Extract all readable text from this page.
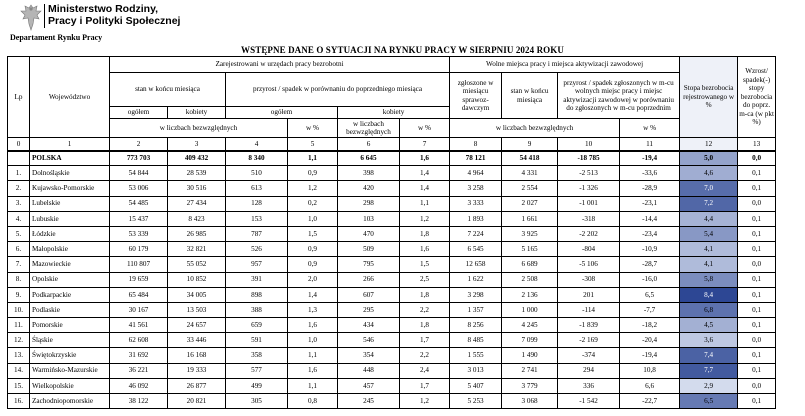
Ministerstwo Rodziny,
Pracy i Polityki Społecznej
Departament Rynku Pracy
WSTĘPNE DANE O SYTUACJI NA RYNKU PRACY W SIERPNIU 2024 ROKU
Lp	Województwo	Zarejestrowani w urzędach pracy bezrobotni						Wolne miejsca pracy i miejsca aktywizacji zawodowej				Stopa bezrobocia rejestrowanego w %	Wzrost/ spadek(-) stopy bezrobocia do poprz. m-ca (w pkt %)
		stan w końcu miesiąca		przyrost / spadek w porównaniu do poprzedniego miesiąca				zgłoszone w miesiącu sprawoz-dawczym	stan w końcu miesiąca	przyrost / spadek zgłoszonych w m-cu wolnych miejsc pracy i miejsc aktywizacji zawodowej w porównaniu do zgłoszonych w m-cu poprzednim			
		ogółem	kobiety	ogółem		kobiety							
		w liczbach bezwzględnych			w %	w liczbach bezwzględnych	w %	w liczbach bezwzględnych			w %		
0	1	2	3	4	5	6	7	8	9	10	11	12	13
	POLSKA	773 703	409 432	8 340	1,1	6 645	1,6	78 121	54 418	-18 785	-19,4	5,0	0,0
1.	Dolnośląskie	54 844	28 539	510	0,9	398	1,4	4 964	4 331	-2 513	-33,6	4,6	0,1
2.	Kujawsko-Pomorskie	53 006	30 516	613	1,2	420	1,4	3 258	2 554	-1 326	-28,9	7,0	0,1
3.	Lubelskie	54 485	27 434	128	0,2	298	1,1	3 333	2 027	-1 001	-23,1	7,2	0,0
4.	Lubuskie	15 437	8 423	153	1,0	103	1,2	1 893	1 661	-318	-14,4	4,4	0,1
5.	Łódzkie	53 339	26 985	787	1,5	470	1,8	7 224	3 925	-2 202	-23,4	5,4	0,1
6.	Małopolskie	60 179	32 821	526	0,9	509	1,6	6 545	5 165	-804	-10,9	4,1	0,1
7.	Mazowieckie	110 807	55 052	957	0,9	795	1,5	12 658	6 689	-5 106	-28,7	4,1	0,0
8.	Opolskie	19 659	10 852	391	2,0	266	2,5	1 622	2 508	-308	-16,0	5,8	0,1
9.	Podkarpackie	65 484	34 005	898	1,4	607	1,8	3 298	2 136	201	6,5	8,4	0,1
10.	Podlaskie	30 167	13 503	388	1,3	295	2,2	1 357	1 000	-114	-7,7	6,8	0,1
11.	Pomorskie	41 561	24 657	659	1,6	434	1,8	8 256	4 245	-1 839	-18,2	4,5	0,1
12.	Śląskie	62 608	33 446	591	1,0	546	1,7	8 485	7 099	-2 169	-20,4	3,6	0,0
13.	Świętokrzyskie	31 692	16 168	358	1,1	354	2,2	1 555	1 490	-374	-19,4	7,4	0,1
14.	Warmińsko-Mazurskie	36 221	19 333	577	1,6	448	2,4	3 013	2 741	294	10,8	7,7	0,1
15.	Wielkopolskie	46 092	26 877	499	1,1	457	1,7	5 407	3 779	336	6,6	2,9	0,0
16.	Zachodniopomorskie	38 122	20 821	305	0,8	245	1,2	5 253	3 068	-1 542	-22,7	6,5	0,1
